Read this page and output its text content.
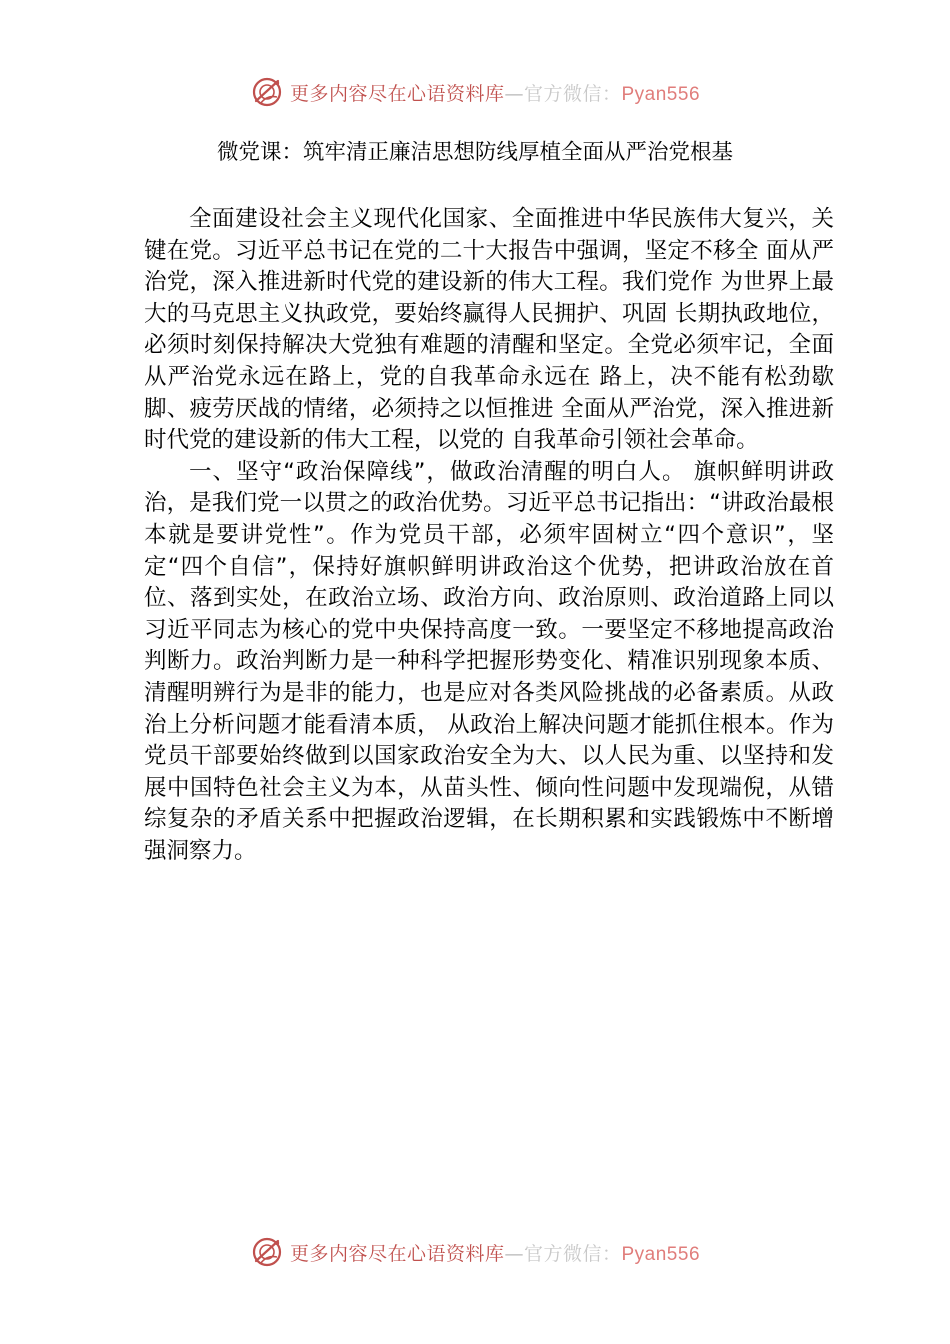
更多内容尽在心语资料库—官方微信：Pyan556
微党课：筑牢清正廉洁思想防线厚植全面从严治党根基

全面建设社会主义现代化国家、全面推进中华民族伟大复兴，关键在党。习近平总书记在党的二十大报告中强调，坚定不移全 面从严治党，深入推进新时代党的建设新的伟大工程。我们党作 为世界上最大的马克思主义执政党，要始终赢得人民拥护、巩固 长期执政地位，必须时刻保持解决大党独有难题的清醒和坚定。全党必须牢记，全面从严治党永远在路上，党的自我革命永远在 路上，决不能有松劲歇脚、疲劳厌战的情绪，必须持之以恒推进 全面从严治党，深入推进新时代党的建设新的伟大工程，以党的 自我革命引领社会革命。

一、坚守“政治保障线”，做政治清醒的明白人。 旗帜鲜明讲政治，是我们党一以贯之的政治优势。习近平总书记指出：“讲政治最根本就是要讲党性”。作为党员干部，必须牢固树立“四个意识”，坚定“四个自信”，保持好旗帜鲜明讲政治这个优势，把讲政治放在首位、落到实处，在政治立场、政治方向、政治原则、政治道路上同以习近平同志为核心的党中央保持高度一致。一要坚定不移地提高政治判断力。政治判断力是一种科学把握形势变化、精准识别现象本质、清醒明辨行为是非的能力，也是应对各类风险挑战的必备素质。从政治上分析问题才能看清本质， 从政治上解决问题才能抓住根本。作为党员干部要始终做到以国家政治安全为大、以人民为重、以坚持和发展中国特色社会主义为本，从苗头性、倾向性问题中发现端倪，从错综复杂的矛盾关系中把握政治逻辑，在长期积累和实践锻炼中不断增强洞察力。

更多内容尽在心语资料库—官方微信：Pyan556
